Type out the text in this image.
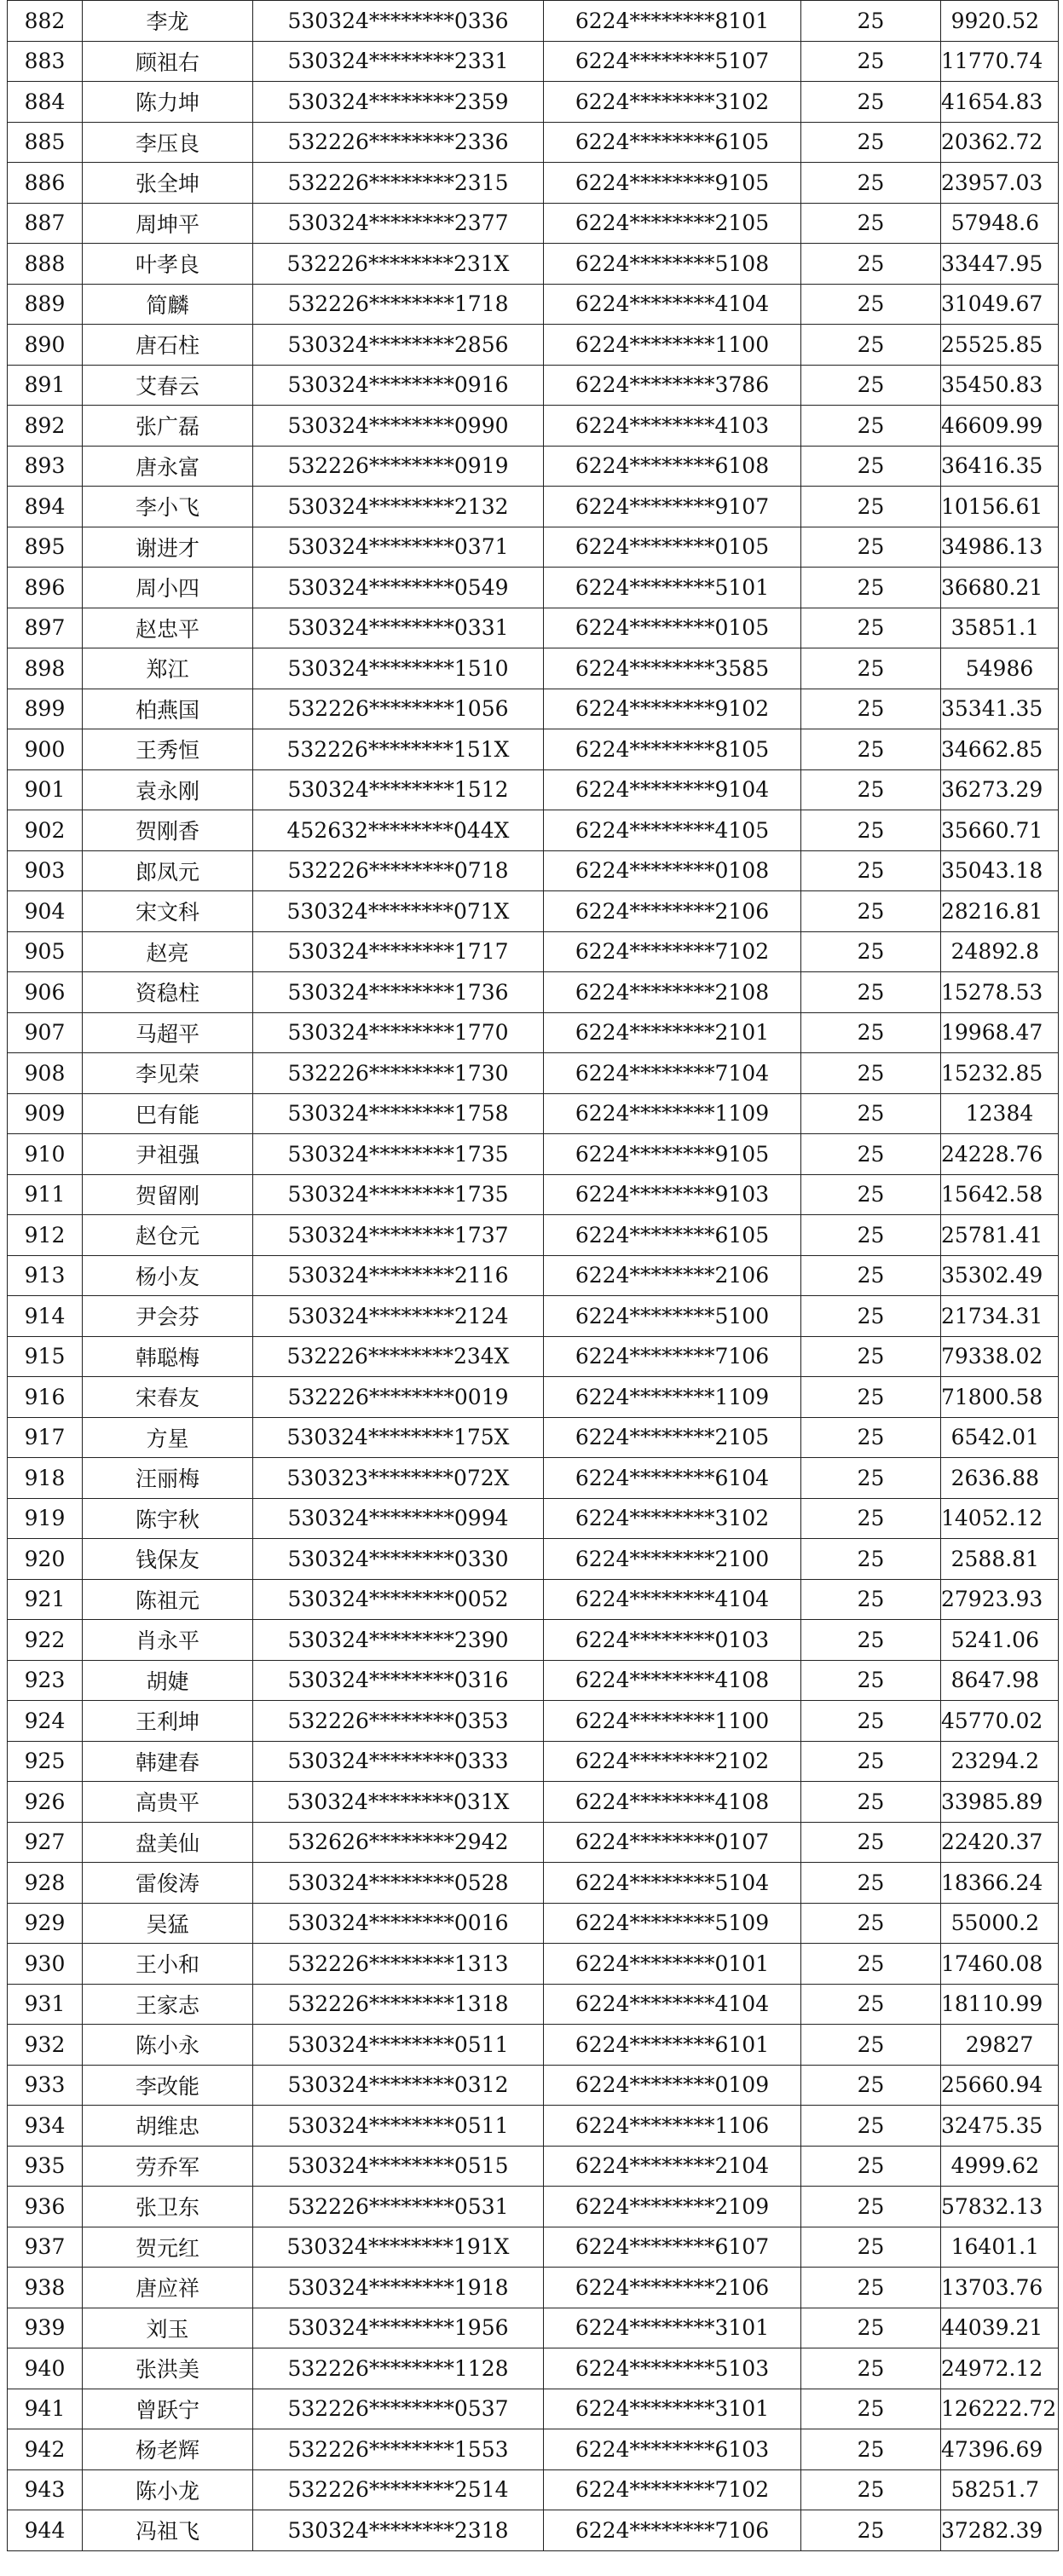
882	李龙	530324********0336	6224********8101	25	9920.52
883	顾祖右	530324********2331	6224********5107	25	11770.74
884	陈力坤	530324********2359	6224********3102	25	41654.83
885	李压良	532226********2336	6224********6105	25	20362.72
886	张全坤	532226********2315	6224********9105	25	23957.03
887	周坤平	530324********2377	6224********2105	25	57948.6
888	叶孝良	532226********231X	6224********5108	25	33447.95
889	简麟	532226********1718	6224********4104	25	31049.67
890	唐石柱	530324********2856	6224********1100	25	25525.85
891	艾春云	530324********0916	6224********3786	25	35450.83
892	张广磊	530324********0990	6224********4103	25	46609.99
893	唐永富	532226********0919	6224********6108	25	36416.35
894	李小飞	530324********2132	6224********9107	25	10156.61
895	谢进才	530324********0371	6224********0105	25	34986.13
896	周小四	530324********0549	6224********5101	25	36680.21
897	赵忠平	530324********0331	6224********0105	25	35851.1
898	郑江	530324********1510	6224********3585	25	54986
899	柏燕国	532226********1056	6224********9102	25	35341.35
900	王秀恒	532226********151X	6224********8105	25	34662.85
901	袁永刚	530324********1512	6224********9104	25	36273.29
902	贺刚香	452632********044X	6224********4105	25	35660.71
903	郎凤元	532226********0718	6224********0108	25	35043.18
904	宋文科	530324********071X	6224********2106	25	28216.81
905	赵亮	530324********1717	6224********7102	25	24892.8
906	资稳柱	530324********1736	6224********2108	25	15278.53
907	马超平	530324********1770	6224********2101	25	19968.47
908	李见荣	532226********1730	6224********7104	25	15232.85
909	巴有能	530324********1758	6224********1109	25	12384
910	尹祖强	530324********1735	6224********9105	25	24228.76
911	贺留刚	530324********1735	6224********9103	25	15642.58
912	赵仓元	530324********1737	6224********6105	25	25781.41
913	杨小友	530324********2116	6224********2106	25	35302.49
914	尹会芬	530324********2124	6224********5100	25	21734.31
915	韩聪梅	532226********234X	6224********7106	25	79338.02
916	宋春友	532226********0019	6224********1109	25	71800.58
917	方星	530324********175X	6224********2105	25	6542.01
918	汪丽梅	530323********072X	6224********6104	25	2636.88
919	陈宇秋	530324********0994	6224********3102	25	14052.12
920	钱保友	530324********0330	6224********2100	25	2588.81
921	陈祖元	530324********0052	6224********4104	25	27923.93
922	肖永平	530324********2390	6224********0103	25	5241.06
923	胡婕	530324********0316	6224********4108	25	8647.98
924	王利坤	532226********0353	6224********1100	25	45770.02
925	韩建春	530324********0333	6224********2102	25	23294.2
926	高贵平	530324********031X	6224********4108	25	33985.89
927	盘美仙	532626********2942	6224********0107	25	22420.37
928	雷俊涛	530324********0528	6224********5104	25	18366.24
929	吴猛	530324********0016	6224********5109	25	55000.2
930	王小和	532226********1313	6224********0101	25	17460.08
931	王家志	532226********1318	6224********4104	25	18110.99
932	陈小永	530324********0511	6224********6101	25	29827
933	李改能	530324********0312	6224********0109	25	25660.94
934	胡维忠	530324********0511	6224********1106	25	32475.35
935	劳乔军	530324********0515	6224********2104	25	4999.62
936	张卫东	532226********0531	6224********2109	25	57832.13
937	贺元红	530324********191X	6224********6107	25	16401.1
938	唐应祥	530324********1918	6224********2106	25	13703.76
939	刘玉	530324********1956	6224********3101	25	44039.21
940	张洪美	532226********1128	6224********5103	25	24972.12
941	曾跃宁	532226********0537	6224********3101	25	126222.72
942	杨老辉	532226********1553	6224********6103	25	47396.69
943	陈小龙	532226********2514	6224********7102	25	58251.7
944	冯祖飞	530324********2318	6224********7106	25	37282.39
